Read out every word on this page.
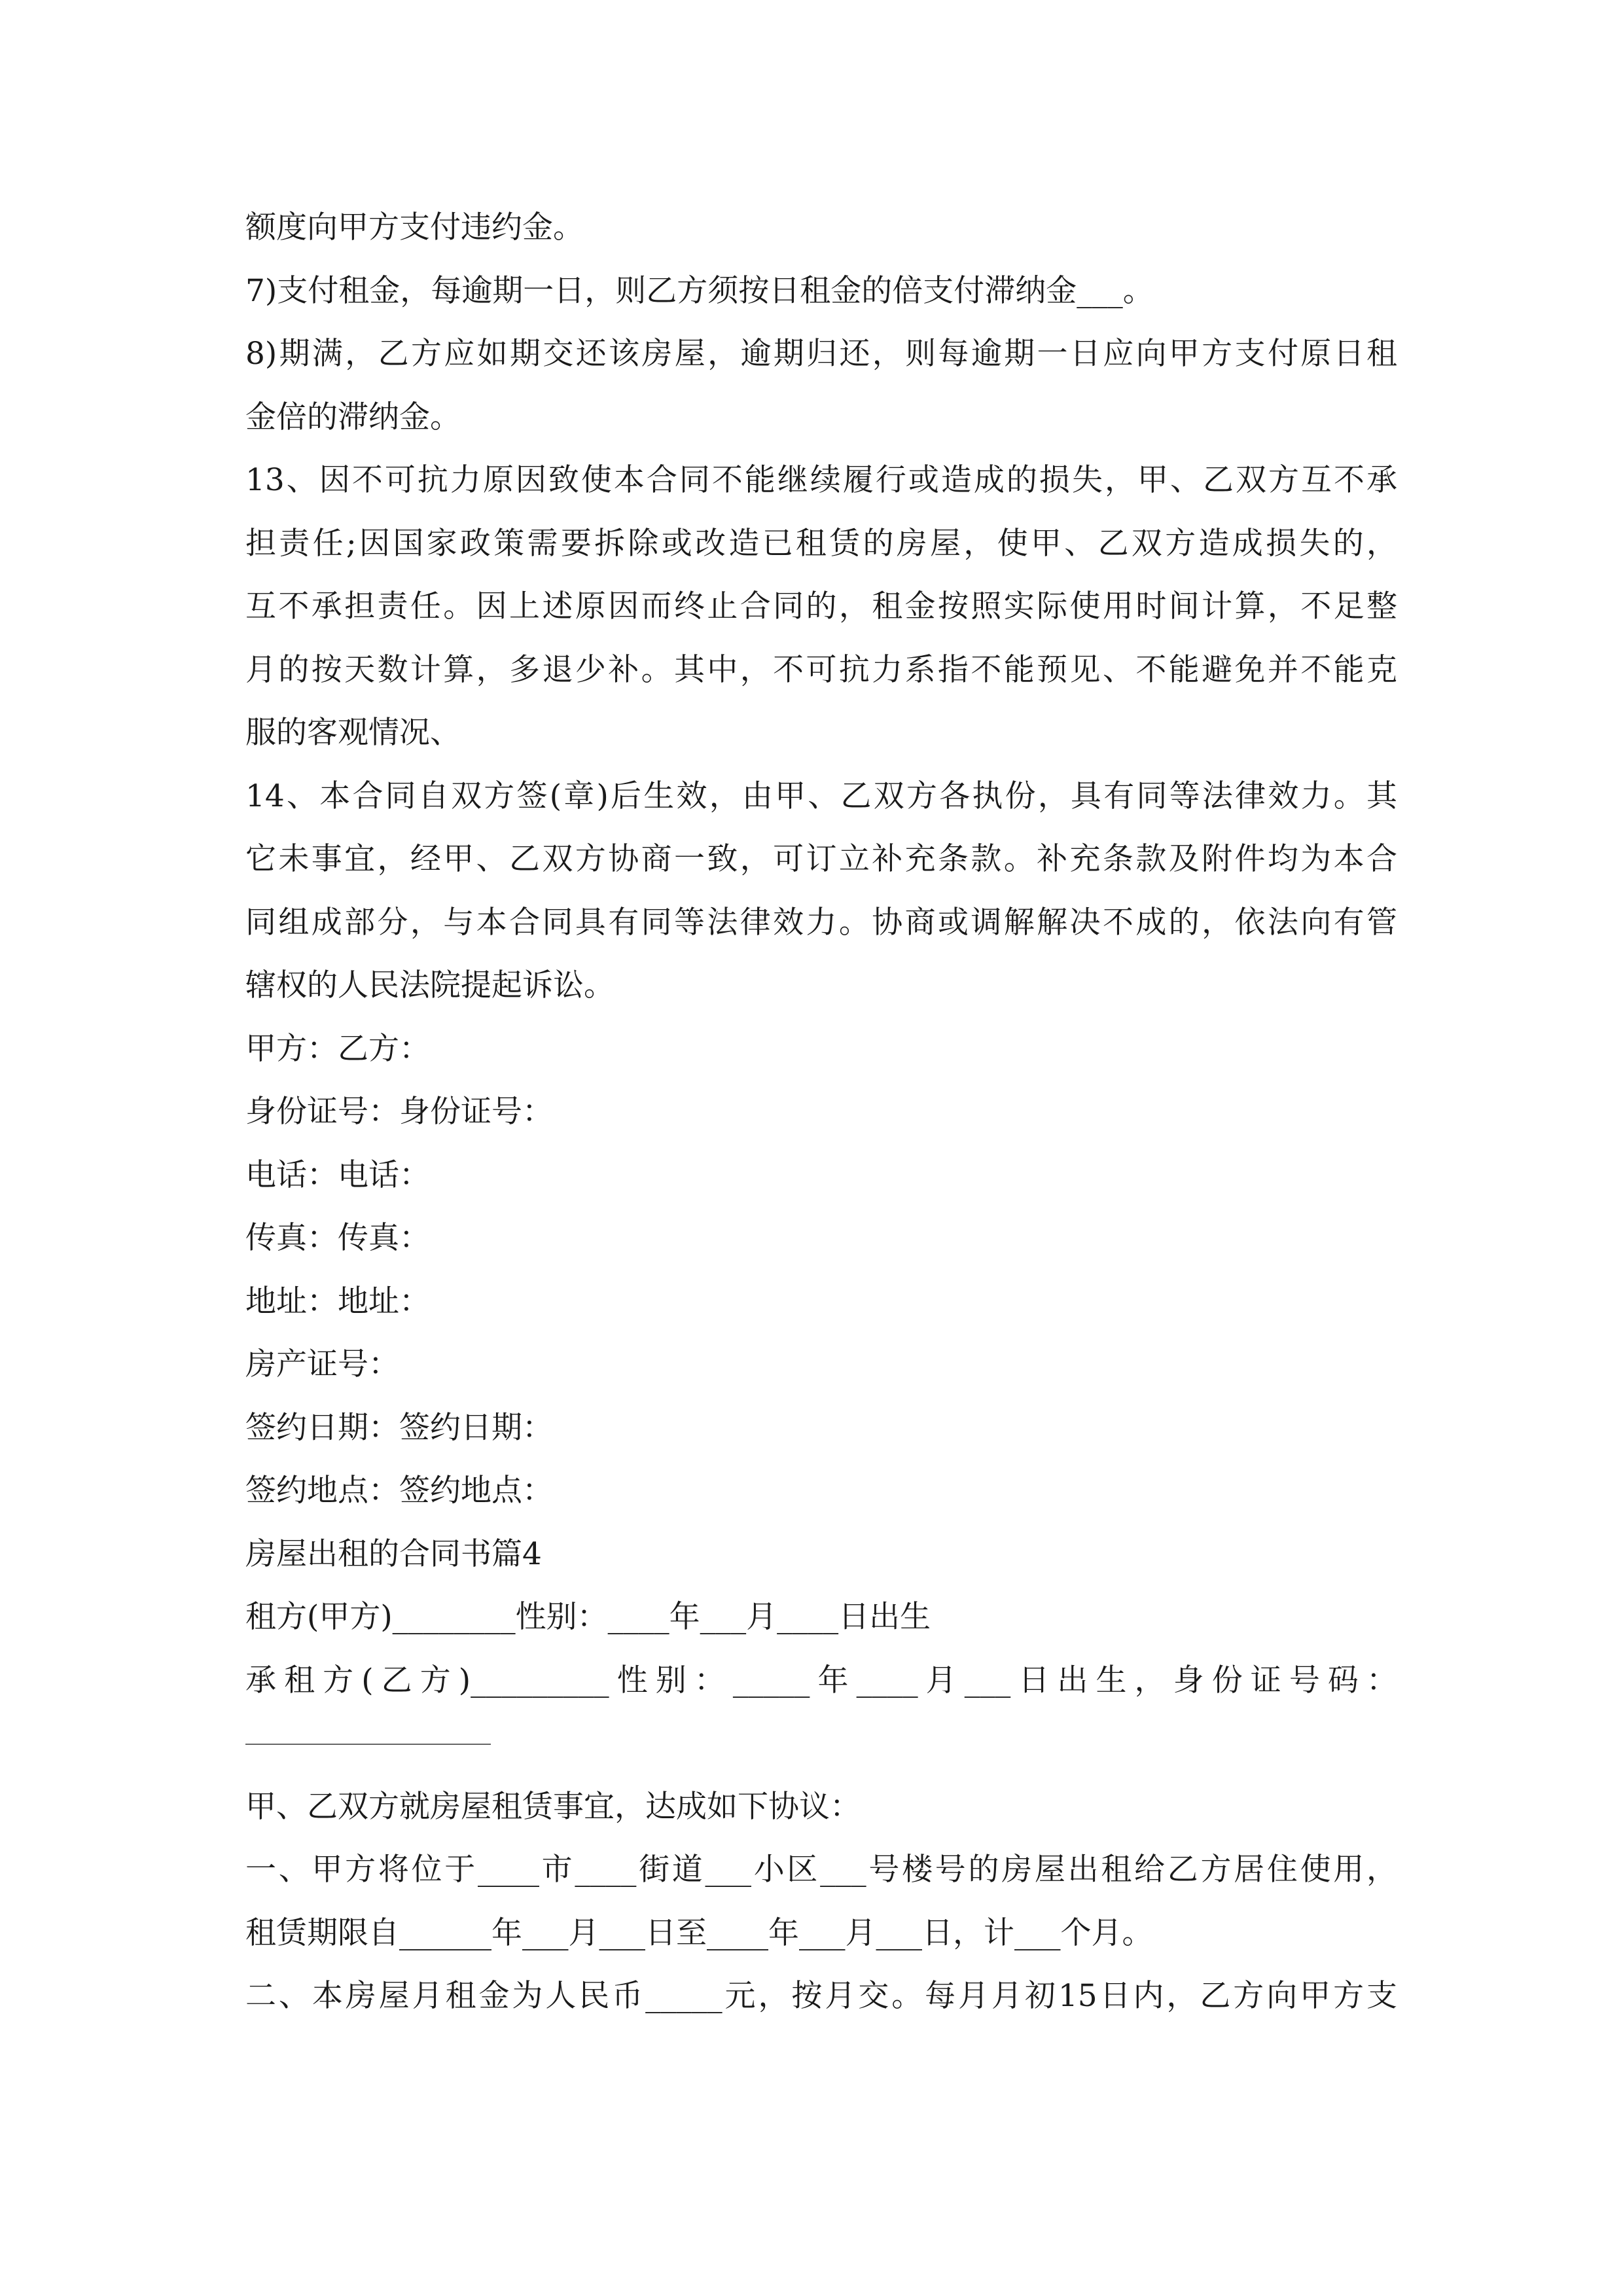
额度向甲方支付违约金。
7)支付租金，每逾期一日，则乙方须按日租金的倍支付滞纳金___。
8)期满，乙方应如期交还该房屋，逾期归还，则每逾期一日应向甲方支付原日租
金倍的滞纳金。
13、因不可抗力原因致使本合同不能继续履行或造成的损失，甲、乙双方互不承
担责任;因国家政策需要拆除或改造已租赁的房屋，使甲、乙双方造成损失的，
互不承担责任。因上述原因而终止合同的，租金按照实际使用时间计算，不足整
月的按天数计算，多退少补。其中，不可抗力系指不能预见、不能避免并不能克
服的客观情况、
14、本合同自双方签(章)后生效，由甲、乙双方各执份，具有同等法律效力。其
它未事宜，经甲、乙双方协商一致，可订立补充条款。补充条款及附件均为本合
同组成部分，与本合同具有同等法律效力。协商或调解解决不成的，依法向有管
辖权的人民法院提起诉讼。
甲方：乙方：
身份证号：身份证号：
电话：电话：
传真：传真：
地址：地址：
房产证号：
签约日期：签约日期：
签约地点：签约地点：
房屋出租的合同书篇4
租方(甲方)________性别：____年___月____日出生
承租方(乙方)_________性别：_____年____月___日出生，身份证号码：
甲、乙双方就房屋租赁事宜，达成如下协议：
一、甲方将位于____市____街道___小区___号楼号的房屋出租给乙方居住使用，
租赁期限自______年___月___日至____年___月___日，计___个月。
二、本房屋月租金为人民币_____元，按月交。每月月初15日内，乙方向甲方支
